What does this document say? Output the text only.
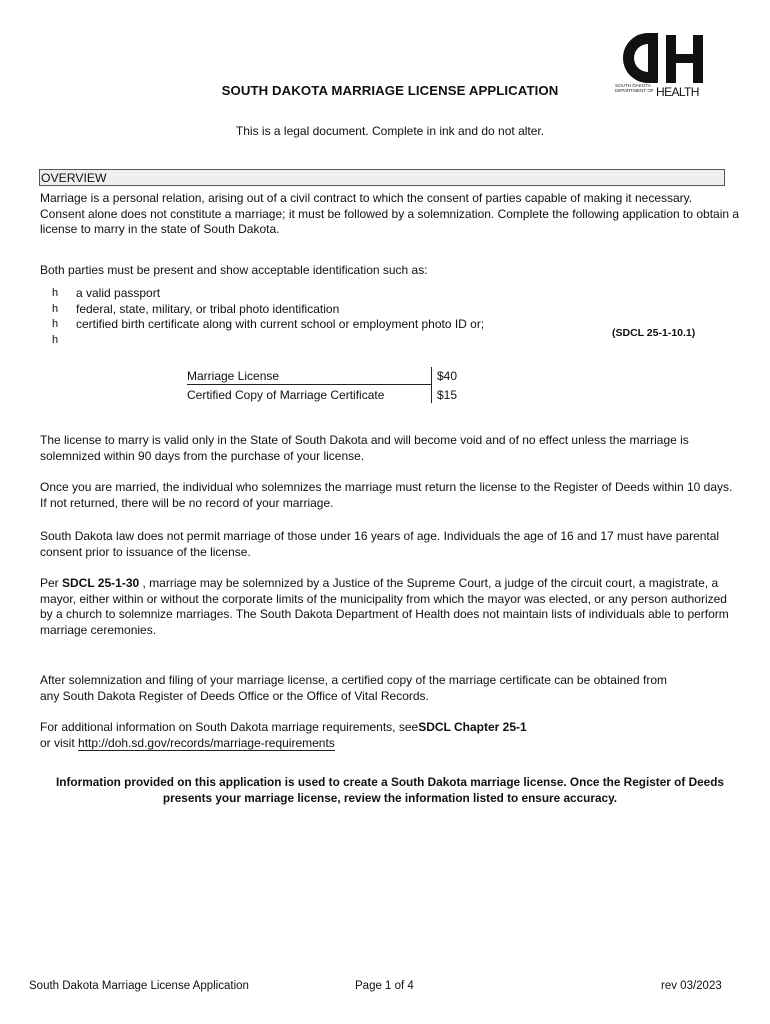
SOUTH DAKOTA
DEPARTMENT OF HEALTH
SOUTH DAKOTA MARRIAGE LICENSE APPLICATION
This is a legal document. Complete in ink and do not alter.
OVERVIEW

Marriage is a personal relation, arising out of a civil contract to which the consent of parties capable of making it necessary. Consent alone does not constitute a marriage; it must be followed by a solemnization. Complete the following application to obtain a license to marry in the state of South Dakota.

Both parties must be present and show acceptable identification such as:

h a valid passport
h federal, state, military, or tribal photo identification
h certified birth certificate along with current school or employment photo ID or;
h
(SDCL 25-1-10.1)
Marriage License	$40
Certified Copy of Marriage Certificate	$15

The license to marry is valid only in the State of South Dakota and will become void and of no effect unless the marriage is solemnized within 90 days from the purchase of your license.

Once you are married, the individual who solemnizes the marriage must return the license to the Register of Deeds within 10 days. If not returned, there will be no record of your marriage.

South Dakota law does not permit marriage of those under 16 years of age. Individuals the age of 16 and 17 must have parental consent prior to issuance of the license.

Per SDCL 25-1-30 , marriage may be solemnized by a Justice of the Supreme Court, a judge of the circuit court, a magistrate, a mayor, either within or without the corporate limits of the municipality from which the mayor was elected, or any person authorized by a church to solemnize marriages. The South Dakota Department of Health does not maintain lists of individuals able to perform marriage ceremonies.

After solemnization and filing of your marriage license, a certified copy of the marriage certificate can be obtained from any South Dakota Register of Deeds Office or the Office of Vital Records.

For additional information on South Dakota marriage requirements, seeSDCL Chapter 25-1
or visit http://doh.sd.gov/records/marriage-requirements

Information provided on this application is used to create a South Dakota marriage license. Once the Register of Deeds presents your marriage license, review the information listed to ensure accuracy.
South Dakota Marriage License Application	Page 1 of 4	rev 03/2023
